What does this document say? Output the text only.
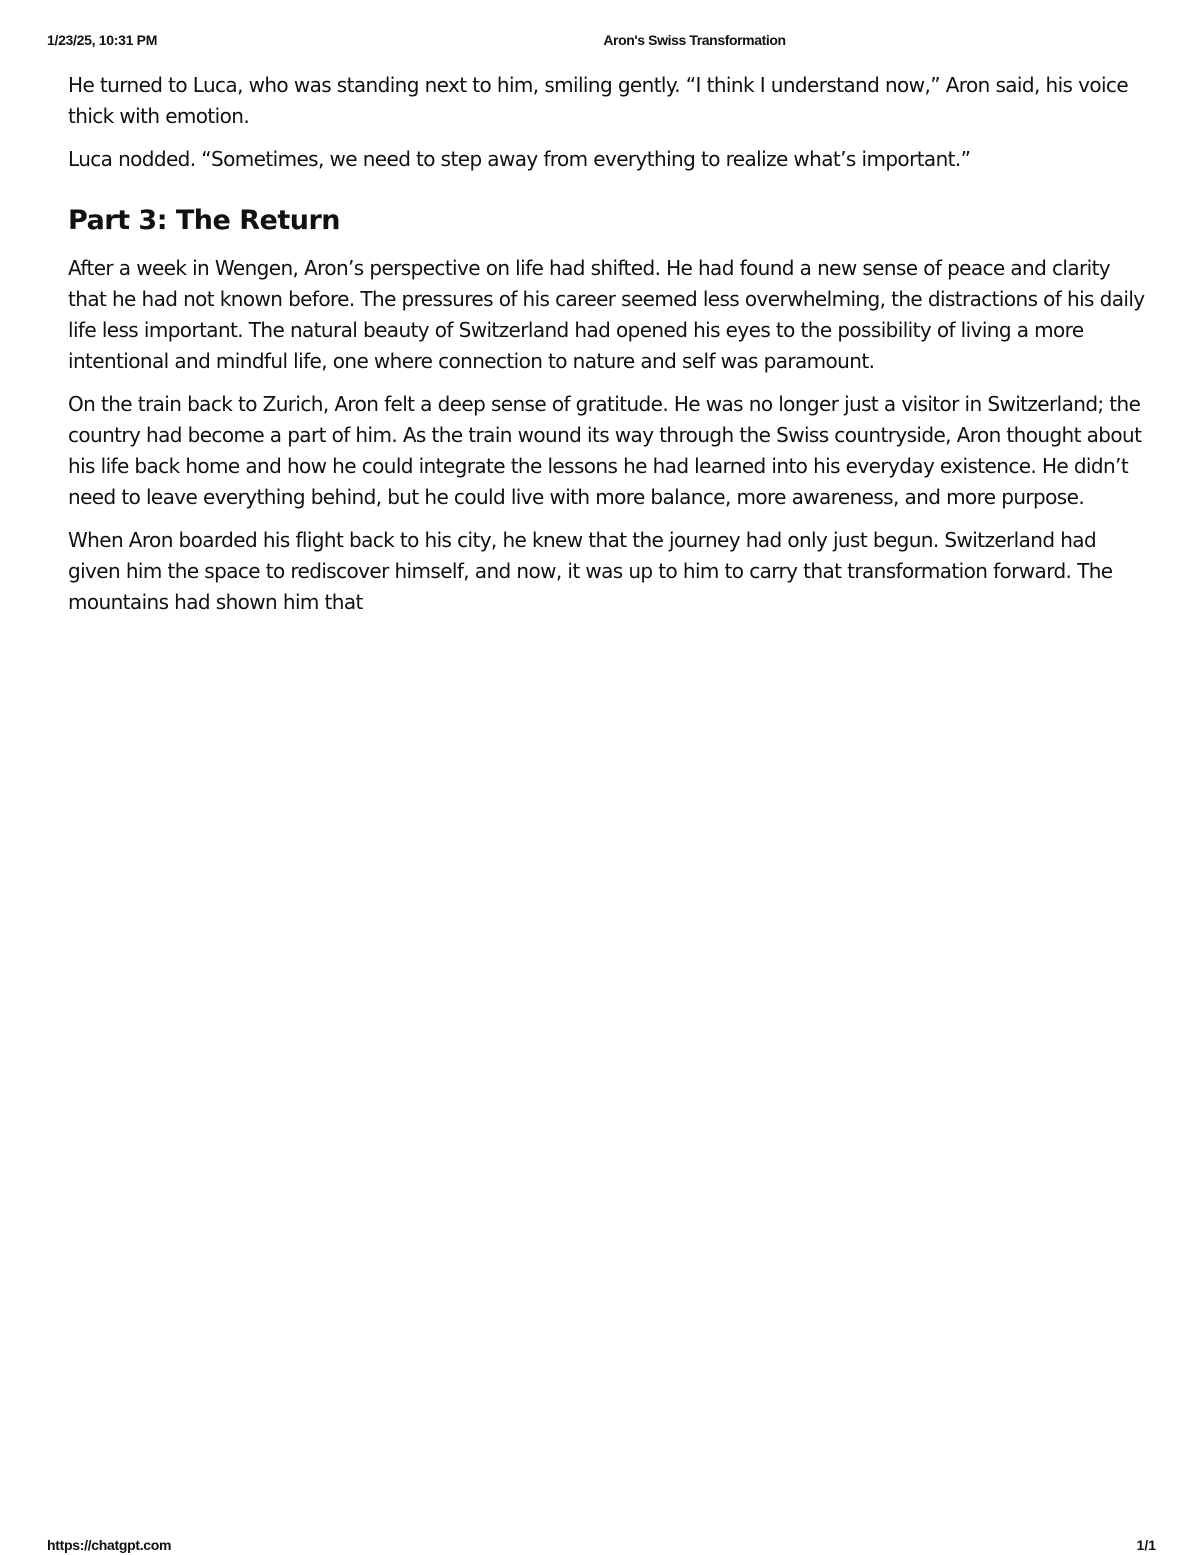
1/23/25, 10:31 PM	Aron's Swiss Transformation

He turned to Luca, who was standing next to him, smiling gently. “I think I understand now,” Aron said, his voice thick with emotion.

Luca nodded. “Sometimes, we need to step away from everything to realize what’s important.”

Part 3: The Return

After a week in Wengen, Aron’s perspective on life had shifted. He had found a new sense of peace and clarity that he had not known before. The pressures of his career seemed less overwhelming, the distractions of his daily life less important. The natural beauty of Switzerland had opened his eyes to the possibility of living a more intentional and mindful life, one where connection to nature and self was paramount.

On the train back to Zurich, Aron felt a deep sense of gratitude. He was no longer just a visitor in Switzerland; the country had become a part of him. As the train wound its way through the Swiss countryside, Aron thought about his life back home and how he could integrate the lessons he had learned into his everyday existence. He didn’t need to leave everything behind, but he could live with more balance, more awareness, and more purpose.

When Aron boarded his flight back to his city, he knew that the journey had only just begun. Switzerland had given him the space to rediscover himself, and now, it was up to him to carry that transformation forward. The mountains had shown him that

https://chatgpt.com	1/1
